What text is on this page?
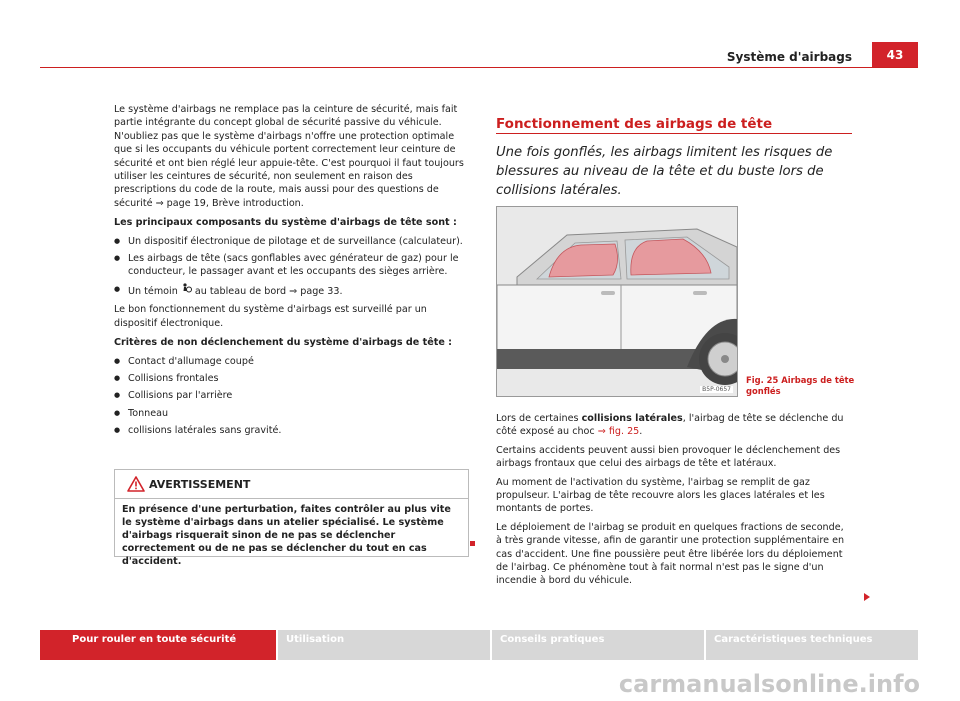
Système d'airbags	43

Le système d'airbags ne remplace pas la ceinture de sécurité, mais fait partie intégrante du concept global de sécurité passive du véhicule. N'oubliez pas que le système d'airbags n'offre une protection optimale que si les occupants du véhicule portent correctement leur ceinture de sécurité et ont bien réglé leur appuie-tête. C'est pourquoi il faut toujours utiliser les ceintures de sécurité, non seulement en raison des prescriptions du code de la route, mais aussi pour des questions de sécurité ⇒ page 19, Brève introduction.

Les principaux composants du système d'airbags de tête sont :
● Un dispositif électronique de pilotage et de surveillance (calculateur).
● Les airbags de tête (sacs gonflables avec générateur de gaz) pour le conducteur, le passager avant et les occupants des sièges arrière.
● Un témoin au tableau de bord ⇒ page 33.

Le bon fonctionnement du système d'airbags est surveillé par un dispositif électronique.

Critères de non déclenchement du système d'airbags de tête :
● Contact d'allumage coupé
● Collisions frontales
● Collisions par l'arrière
● Tonneau
● collisions latérales sans gravité.
AVERTISSEMENT
En présence d'une perturbation, faites contrôler au plus vite le système d'airbags dans un atelier spécialisé. Le système d'airbags risquerait sinon de ne pas se déclencher correctement ou de ne pas se déclencher du tout en cas d'accident.
Fonctionnement des airbags de tête
Une fois gonflés, les airbags limitent les risques de blessures au niveau de la tête et du buste lors de collisions latérales.
B5P-0657
Fig. 25 Airbags de tête gonflés

Lors de certaines collisions latérales, l'airbag de tête se déclenche du côté exposé au choc ⇒ fig. 25.

Certains accidents peuvent aussi bien provoquer le déclenchement des airbags frontaux que celui des airbags de tête et latéraux.

Au moment de l'activation du système, l'airbag se remplit de gaz propulseur. L'airbag de tête recouvre alors les glaces latérales et les montants de portes.

Le déploiement de l'airbag se produit en quelques fractions de seconde, à très grande vitesse, afin de garantir une protection supplémentaire en cas d'accident. Une fine poussière peut être libérée lors du déploiement de l'airbag. Ce phénomène tout à fait normal n'est pas le signe d'un incendie à bord du véhicule.

Pour rouler en toute sécurité	Utilisation	Conseils pratiques	Caractéristiques techniques
carmanualsonline.info
